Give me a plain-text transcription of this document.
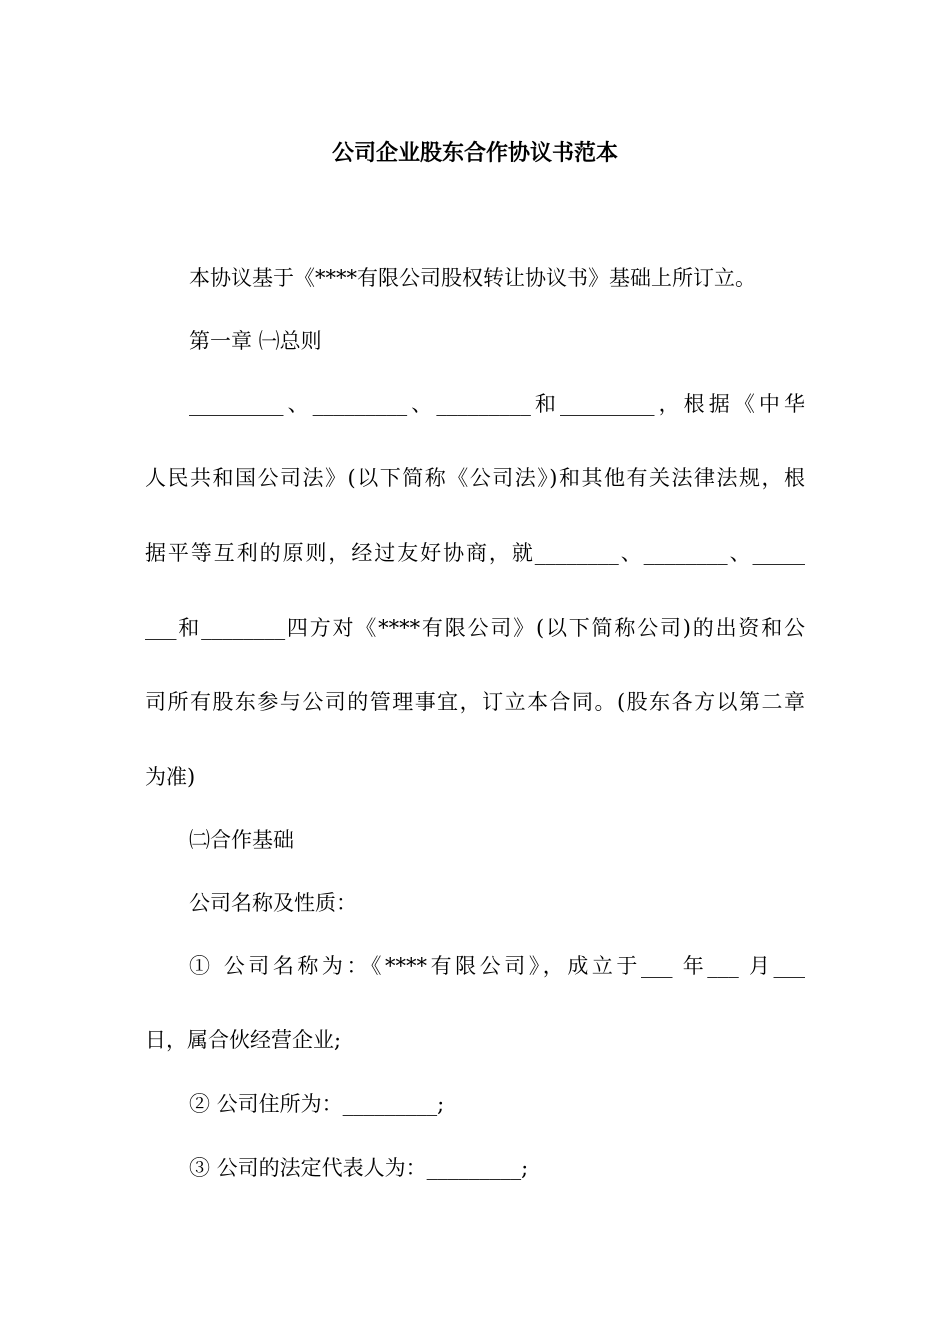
公司企业股东合作协议书范本
本协议基于《****有限公司股权转让协议书》基础上所订立。
第一章 ㈠总则
_________、_________、_________和_________，根据《中华
人民共和国公司法》(以下简称《公司法》)和其他有关法律法规，根
据平等互利的原则，经过友好协商，就________、________、_____
___和________四方对《****有限公司》(以下简称公司)的出资和公
司所有股东参与公司的管理事宜，订立本合同。(股东各方以第二章
为准)
㈡合作基础
公司名称及性质：
① 公司名称为：《****有限公司》，成立于___ 年___ 月___
日，属合伙经营企业;
② 公司住所为：_________;
③ 公司的法定代表人为：_________;
